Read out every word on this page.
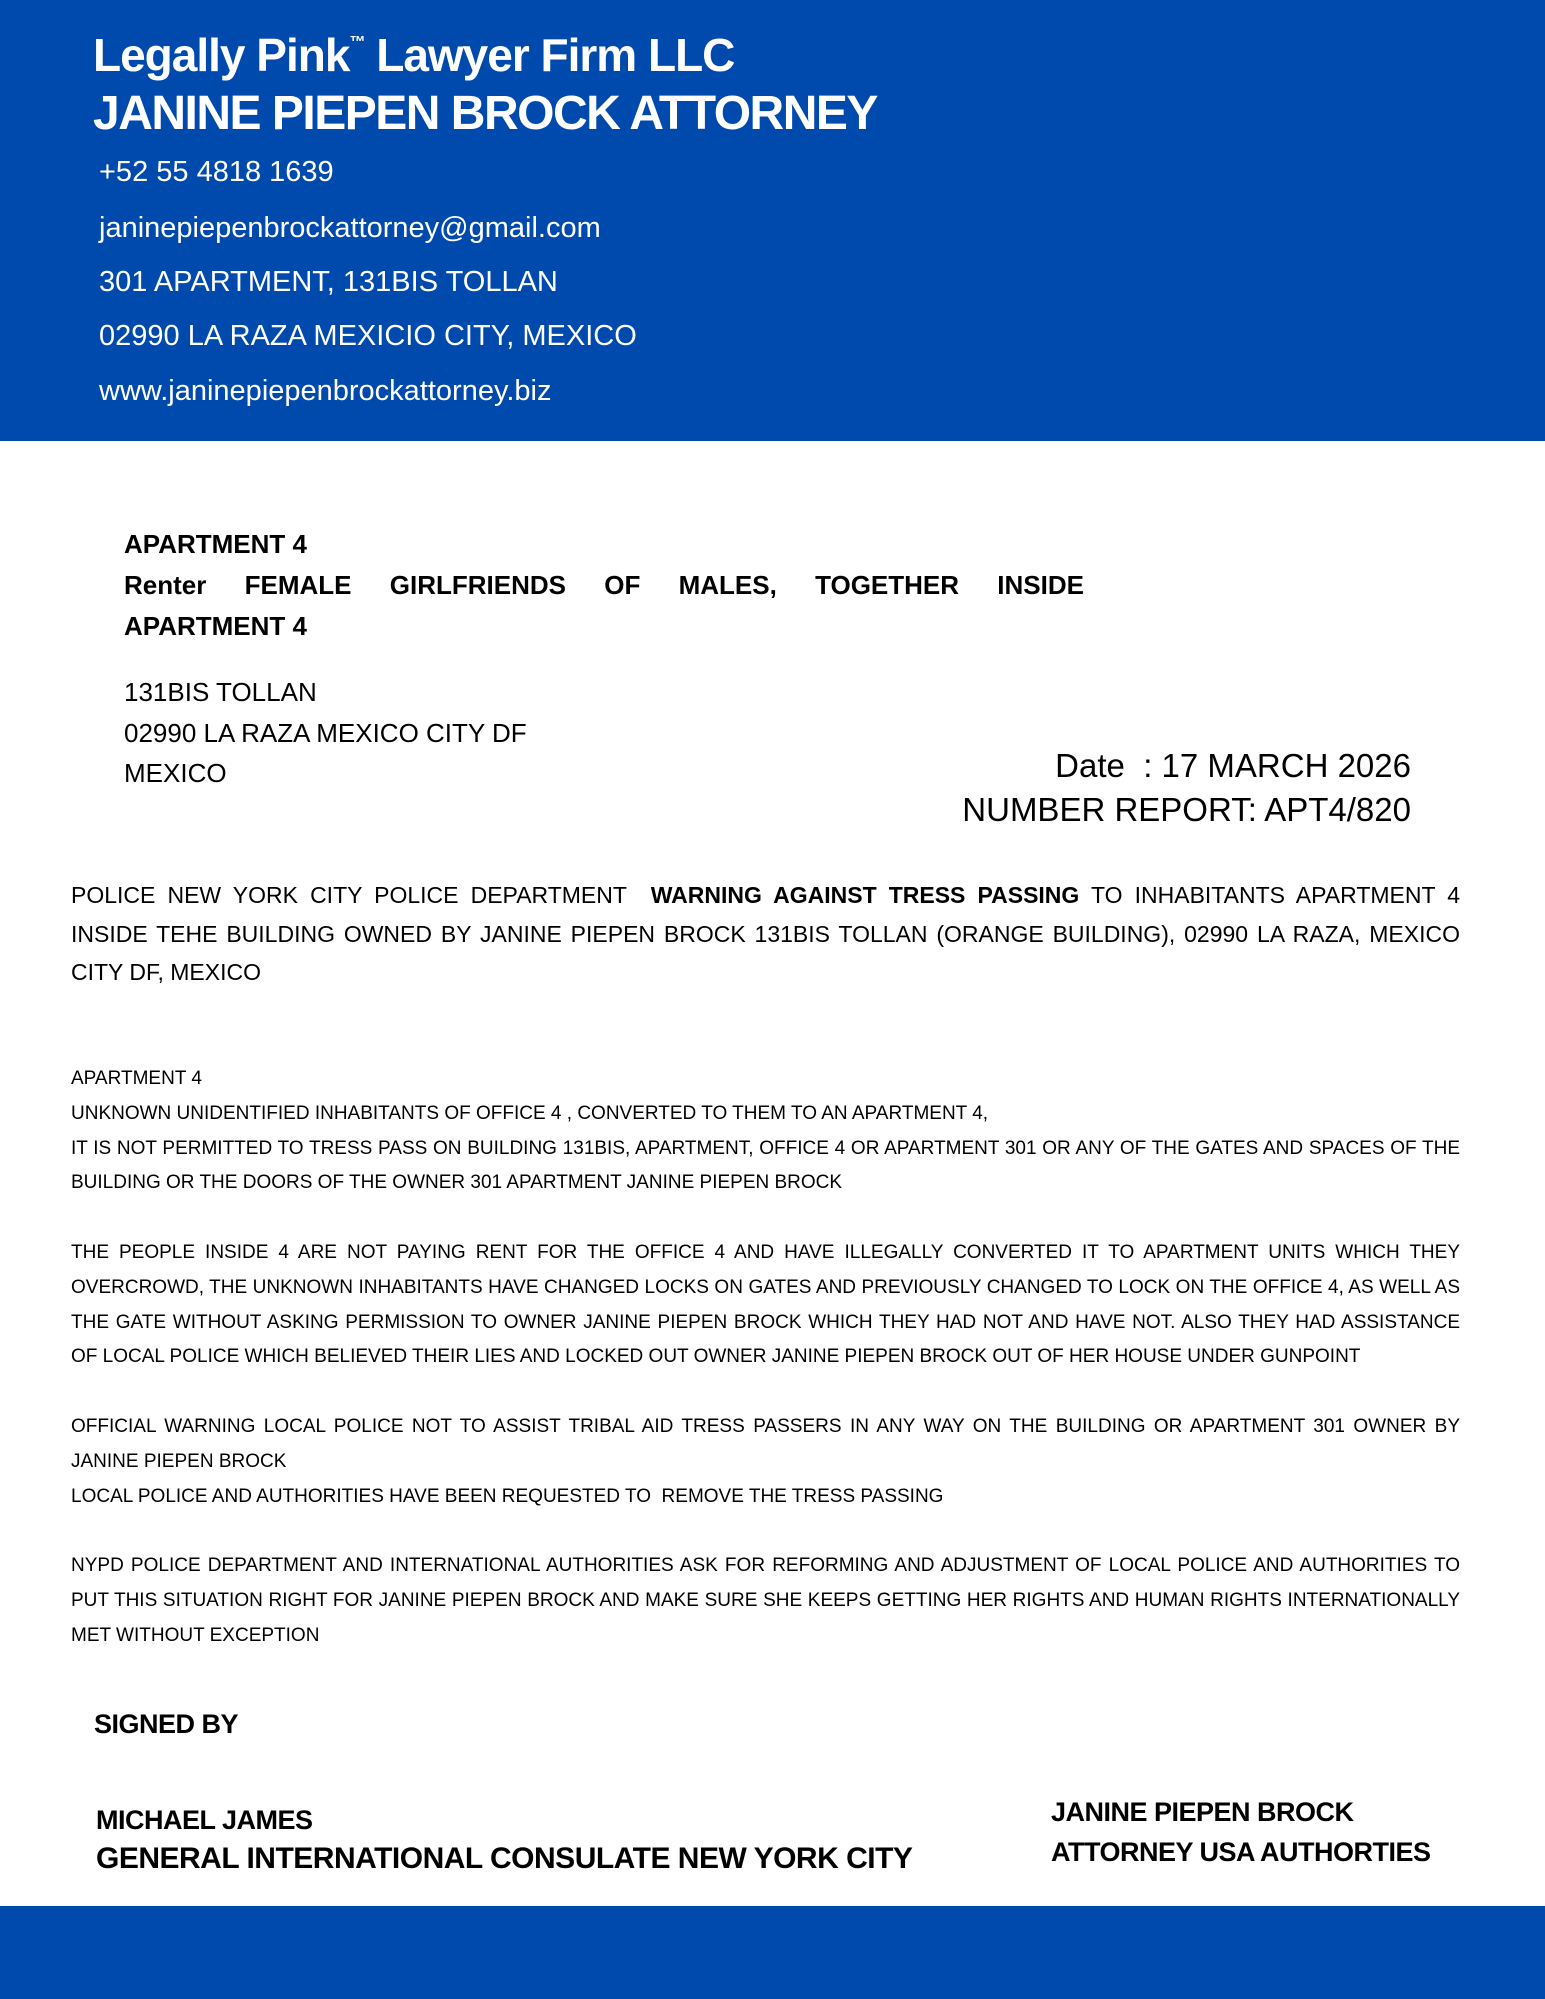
Legally Pink™ Lawyer Firm LLC
JANINE PIEPEN BROCK ATTORNEY
+52 55 4818 1639
janinepiepenbrockattorney@gmail.com
301 APARTMENT, 131BIS TOLLAN
02990 LA RAZA MEXICIO CITY, MEXICO
www.janinepiepenbrockattorney.biz
APARTMENT 4
Renter FEMALE GIRLFRIENDS OF MALES, TOGETHER INSIDE
APARTMENT 4
131BIS TOLLAN
02990 LA RAZA MEXICO CITY DF
MEXICO	Date  : 17 MARCH 2026
NUMBER REPORT: APT4/820
POLICE NEW YORK CITY POLICE DEPARTMENT  WARNING AGAINST TRESS PASSING TO INHABITANTS APARTMENT 4 INSIDE TEHE BUILDING OWNED BY JANINE PIEPEN BROCK 131BIS TOLLAN (ORANGE BUILDING), 02990 LA RAZA, MEXICO CITY DF, MEXICO

APARTMENT 4

UNKNOWN UNIDENTIFIED INHABITANTS OF OFFICE 4 , CONVERTED TO THEM TO AN APARTMENT 4,

IT IS NOT PERMITTED TO TRESS PASS ON BUILDING 131BIS, APARTMENT, OFFICE 4 OR APARTMENT 301 OR ANY OF THE GATES AND SPACES OF THE BUILDING OR THE DOORS OF THE OWNER 301 APARTMENT JANINE PIEPEN BROCK

THE PEOPLE INSIDE 4 ARE NOT PAYING RENT FOR THE OFFICE 4 AND HAVE ILLEGALLY CONVERTED IT TO APARTMENT UNITS WHICH THEY OVERCROWD, THE UNKNOWN INHABITANTS HAVE CHANGED LOCKS ON GATES AND PREVIOUSLY CHANGED TO LOCK ON THE OFFICE 4, AS WELL AS THE GATE WITHOUT ASKING PERMISSION TO OWNER JANINE PIEPEN BROCK WHICH THEY HAD NOT AND HAVE NOT. ALSO THEY HAD ASSISTANCE OF LOCAL POLICE WHICH BELIEVED THEIR LIES AND LOCKED OUT OWNER JANINE PIEPEN BROCK OUT OF HER HOUSE UNDER GUNPOINT

OFFICIAL WARNING LOCAL POLICE NOT TO ASSIST TRIBAL AID TRESS PASSERS IN ANY WAY ON THE BUILDING OR APARTMENT 301 OWNER BY JANINE PIEPEN BROCK

LOCAL POLICE AND AUTHORITIES HAVE BEEN REQUESTED TO  REMOVE THE TRESS PASSING

NYPD POLICE DEPARTMENT AND INTERNATIONAL AUTHORITIES ASK FOR REFORMING AND ADJUSTMENT OF LOCAL POLICE AND AUTHORITIES TO PUT THIS SITUATION RIGHT FOR JANINE PIEPEN BROCK AND MAKE SURE SHE KEEPS GETTING HER RIGHTS AND HUMAN RIGHTS INTERNATIONALLY MET WITHOUT EXCEPTION

SIGNED BY
MICHAEL JAMES
GENERAL INTERNATIONAL CONSULATE NEW YORK CITY
JANINE PIEPEN BROCK
ATTORNEY USA AUTHORTIES
